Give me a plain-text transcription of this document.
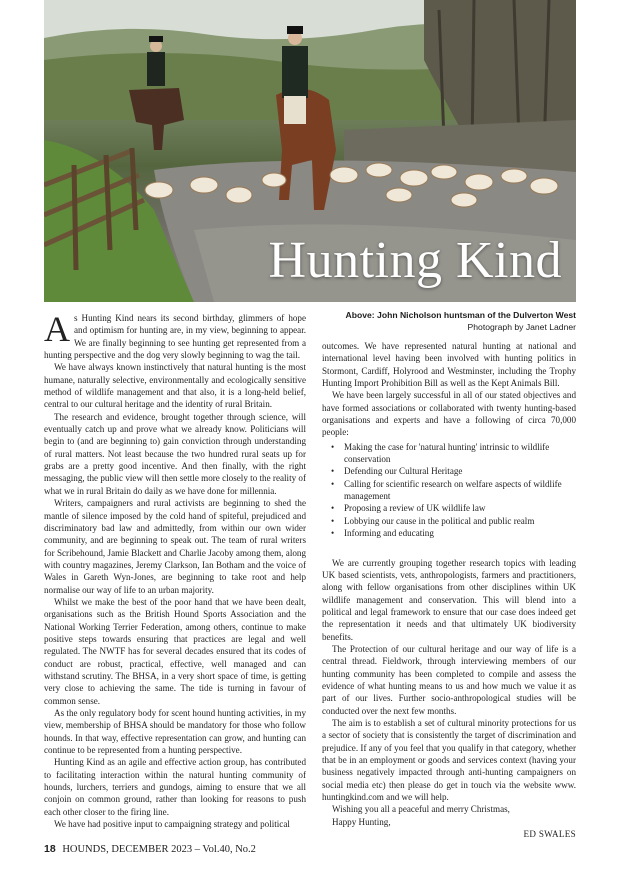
Hunting Kind
Above: John Nicholson huntsman of the Dulverton West
Photograph by Janet Ladner

As Hunting Kind nears its second birthday, glimmers of hope and optimism for hunting are, in my view, beginning to appear. We are finally beginning to see hunting get represented from a hunting perspective and the dog very slowly beginning to wag the tail.

We have always known instinctively that natural hunting is the most humane, naturally selective, environmentally and ecologically sensitive method of wildlife management and that also, it is a long-held belief, central to our cultural heritage and the identity of rural Britain.

The research and evidence, brought together through science, will eventually catch up and prove what we already know. Politicians will begin to (and are beginning to) gain conviction through understanding of rural matters. Not least because the two hundred rural seats up for grabs are a pretty good incentive. And then finally, with the right messaging, the public view will then settle more closely to the reality of what we in rural Britain do daily as we have done for millennia.

Writers, campaigners and rural activists are beginning to shed the mantle of silence imposed by the cold hand of spiteful, prejudiced and discriminatory bad law and admittedly, from within our own wider community, and are beginning to speak out. The team of rural writers for Scribehound, Jamie Blackett and Charlie Jacoby among them, along with country magazines, Jeremy Clarkson, Ian Botham and the voice of Wales in Gareth Wyn-Jones, are beginning to take root and help normalise our way of life to an urban majority.

Whilst we make the best of the poor hand that we have been dealt, organisations such as the British Hound Sports Association and the National Working Terrier Federation, among others, continue to make positive steps towards ensuring that practices are legal and well regulated. The NWTF has for several decades ensured that its codes of conduct are robust, practical, effective, well managed and can withstand scrutiny. The BHSA, in a very short space of time, is getting very close to achieving the same. The tide is turning in favour of common sense.

As the only regulatory body for scent hound hunting activities, in my view, membership of BHSA should be mandatory for those who follow hounds. In that way, effective representation can grow, and hunting can continue to be represented from a hunting perspective.

Hunting Kind as an agile and effective action group, has contributed to facilitating interaction within the natural hunting community of hounds, lurchers, terriers and gundogs, aiming to ensure that we all conjoin on common ground, rather than looking for reasons to push each other closer to the firing line.

We have had positive input to campaigning strategy and political

outcomes. We have represented natural hunting at national and international level having been involved with hunting politics in Stormont, Cardiff, Holyrood and Westminster, including the Trophy Hunting Import Prohibition Bill as well as the Kept Animals Bill.

We have been largely successful in all of our stated objectives and have formed associations or collaborated with twenty hunting-based organisations and experts and have a following of circa 70,000 people:

• Making the case for 'natural hunting' intrinsic to wildlife conservation
• Defending our Cultural Heritage
• Calling for scientific research on welfare aspects of wildlife management
• Proposing a review of UK wildlife law
• Lobbying our cause in the political and public realm
• Informing and educating

We are currently grouping together research topics with leading UK based scientists, vets, anthropologists, farmers and practitioners, along with fellow organisations from other disciplines within UK wildlife management and conservation. This will blend into a political and legal framework to ensure that our case does indeed get the representation it needs and that ultimately UK biodiversity benefits.

The Protection of our cultural heritage and our way of life is a central thread. Fieldwork, through interviewing members of our hunting community has been completed to compile and assess the evidence of what hunting means to us and how much we value it as part of our lives. Further socio-anthropological studies will be conducted over the next few months.

The aim is to establish a set of cultural minority protections for us a sector of society that is consistently the target of discrimination and prejudice. If any of you feel that you qualify in that category, whether that be in an employment or goods and services context (having your business negatively impacted through anti-hunting campaigners on social media etc) then please do get in touch via the website www. huntingkind.com and we will help.

Wishing you all a peaceful and merry Christmas,

Happy Hunting,

ED SWALES

18 HOUNDS, DECEMBER 2023 – Vol.40, No.2
